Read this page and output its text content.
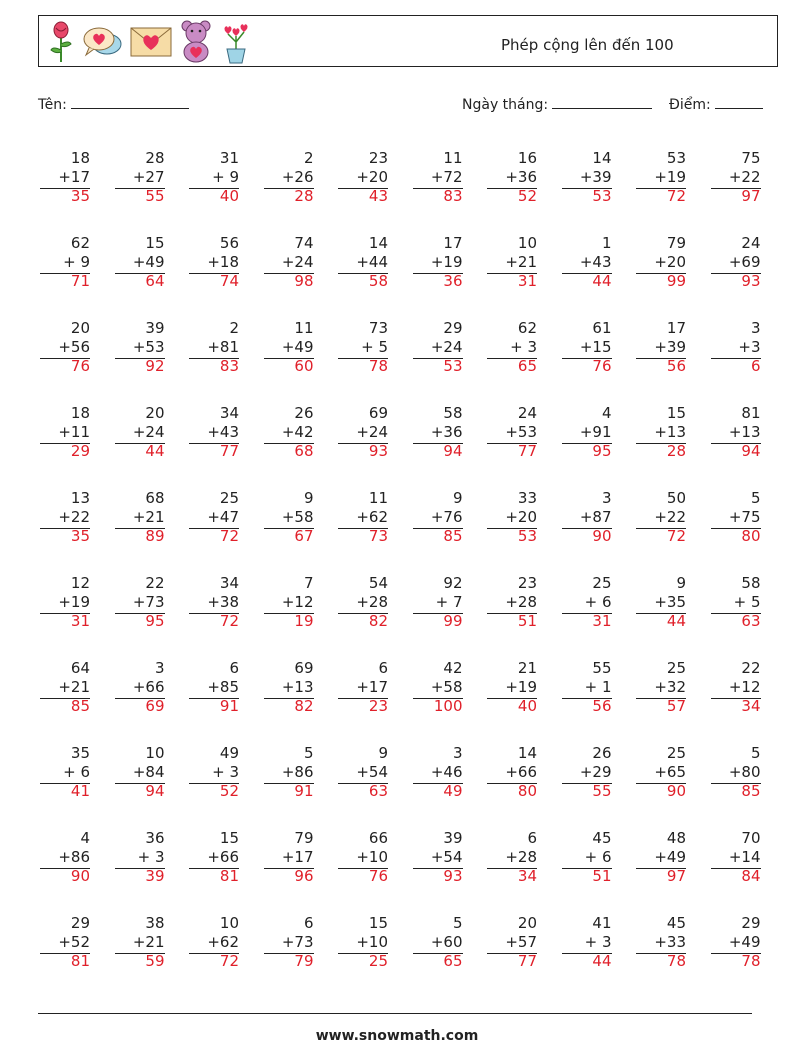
Phép cộng lên đến 100
Tên:	Ngày tháng:	Điểm:
18
+17
35
28
+27
55
31
+ 9
40
2
+26
28
23
+20
43
11
+72
83
16
+36
52
14
+39
53
53
+19
72
75
+22
97
62
+ 9
71
15
+49
64
56
+18
74
74
+24
98
14
+44
58
17
+19
36
10
+21
31
1
+43
44
79
+20
99
24
+69
93
20
+56
76
39
+53
92
2
+81
83
11
+49
60
73
+ 5
78
29
+24
53
62
+ 3
65
61
+15
76
17
+39
56
3
+3
6
18
+11
29
20
+24
44
34
+43
77
26
+42
68
69
+24
93
58
+36
94
24
+53
77
4
+91
95
15
+13
28
81
+13
94
13
+22
35
68
+21
89
25
+47
72
9
+58
67
11
+62
73
9
+76
85
33
+20
53
3
+87
90
50
+22
72
5
+75
80
12
+19
31
22
+73
95
34
+38
72
7
+12
19
54
+28
82
92
+ 7
99
23
+28
51
25
+ 6
31
9
+35
44
58
+ 5
63
64
+21
85
3
+66
69
6
+85
91
69
+13
82
6
+17
23
42
+58
100
21
+19
40
55
+ 1
56
25
+32
57
22
+12
34
35
+ 6
41
10
+84
94
49
+ 3
52
5
+86
91
9
+54
63
3
+46
49
14
+66
80
26
+29
55
25
+65
90
5
+80
85
4
+86
90
36
+ 3
39
15
+66
81
79
+17
96
66
+10
76
39
+54
93
6
+28
34
45
+ 6
51
48
+49
97
70
+14
84
29
+52
81
38
+21
59
10
+62
72
6
+73
79
15
+10
25
5
+60
65
20
+57
77
41
+ 3
44
45
+33
78
29
+49
78
www.snowmath.com
